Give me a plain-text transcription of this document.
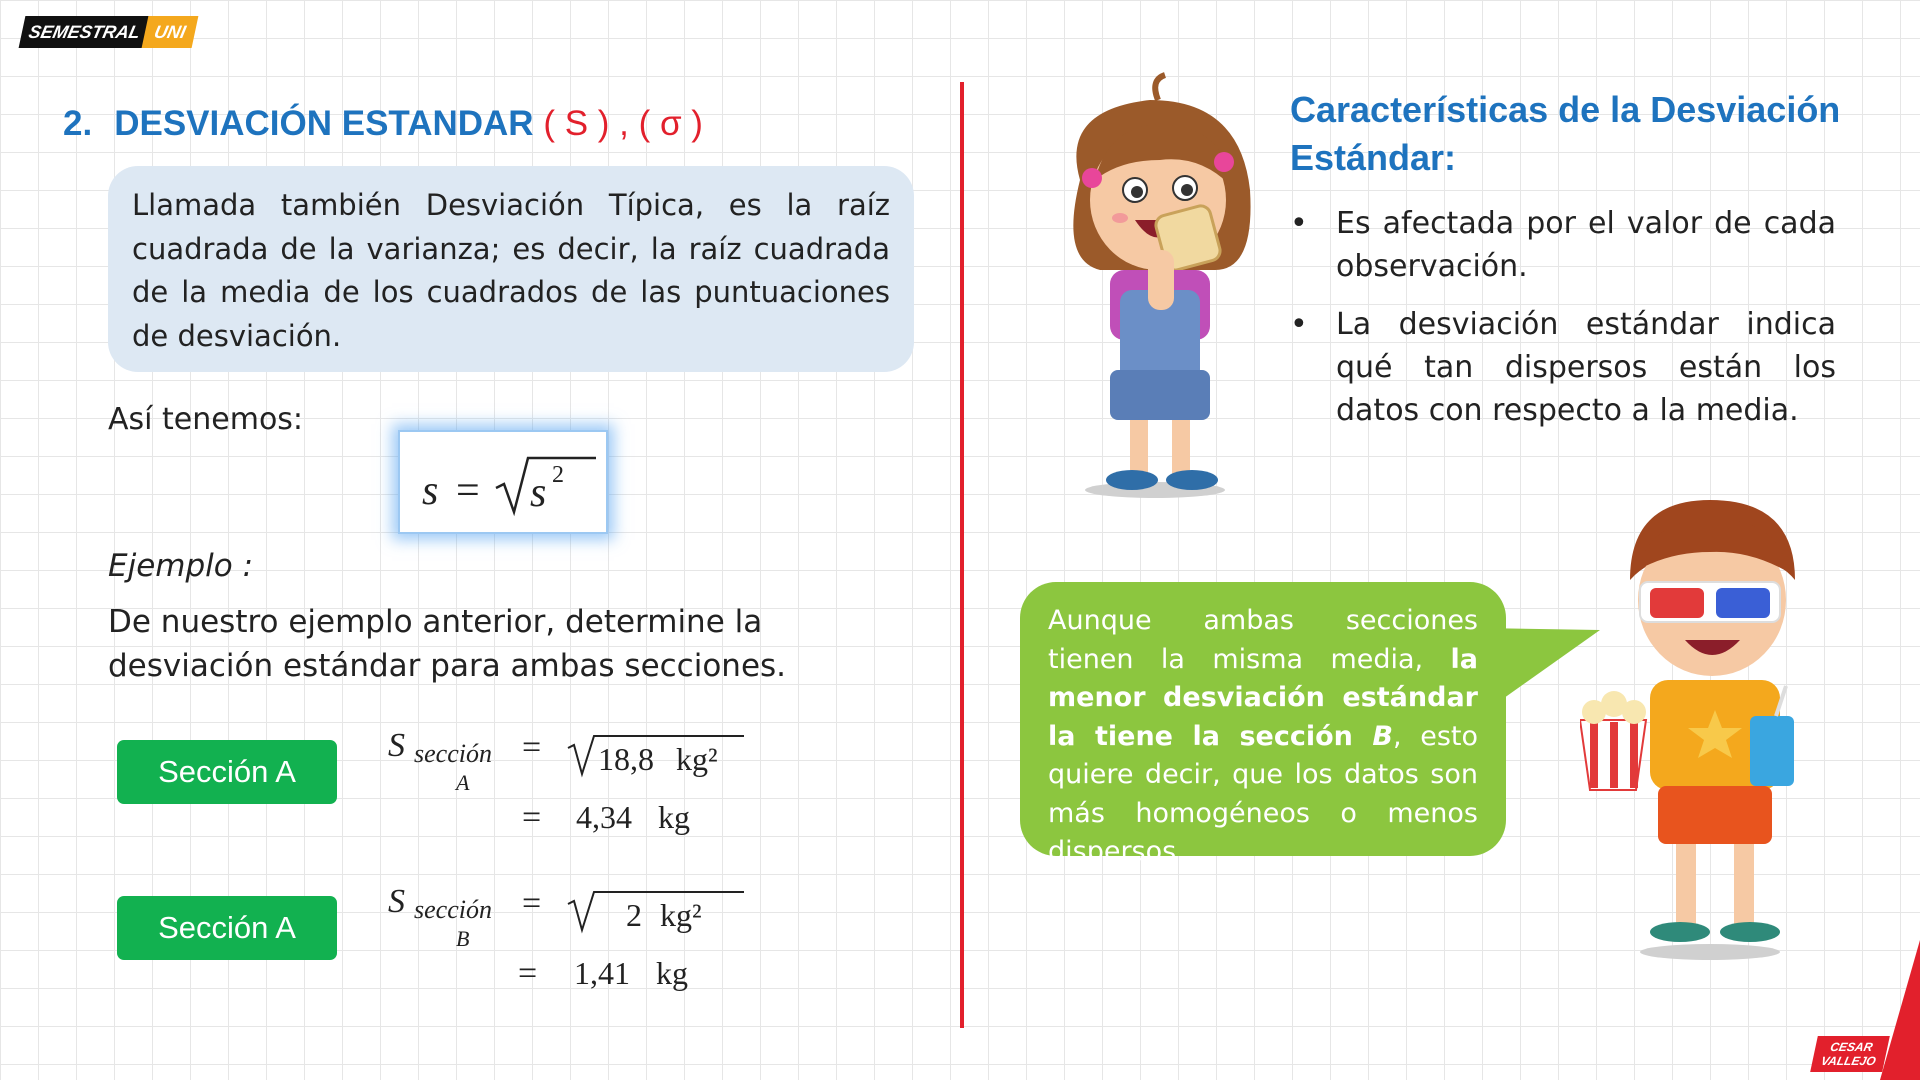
SEMESTRAL UNI
2. DESVIACIÓN ESTANDAR ( S ) , ( σ )
Llamada también Desviación Típica, es la raíz cuadrada de la varianza; es decir, la raíz cuadrada de la media de los cuadrados de las puntuaciones de desviación.
Así tenemos:
s = s 2
Ejemplo :
De nuestro ejemplo anterior, determine la desviación estándar para ambas secciones.
Sección A
S sección
A
= 18,8 kg²
= 4,34 kg
Sección A
S sección
B
=	2 kg²
= 1,41 kg
Características de la Desviación Estándar:
• Es afectada por el valor de cada observación.
• La desviación estándar indica qué tan dispersos están los datos con respecto a la media.
Aunque ambas secciones tienen la misma media, la menor desviación estándar la tiene la sección B, esto quiere decir, que los datos son más homogéneos o menos dispersos.
CESAR
VALLEJO
